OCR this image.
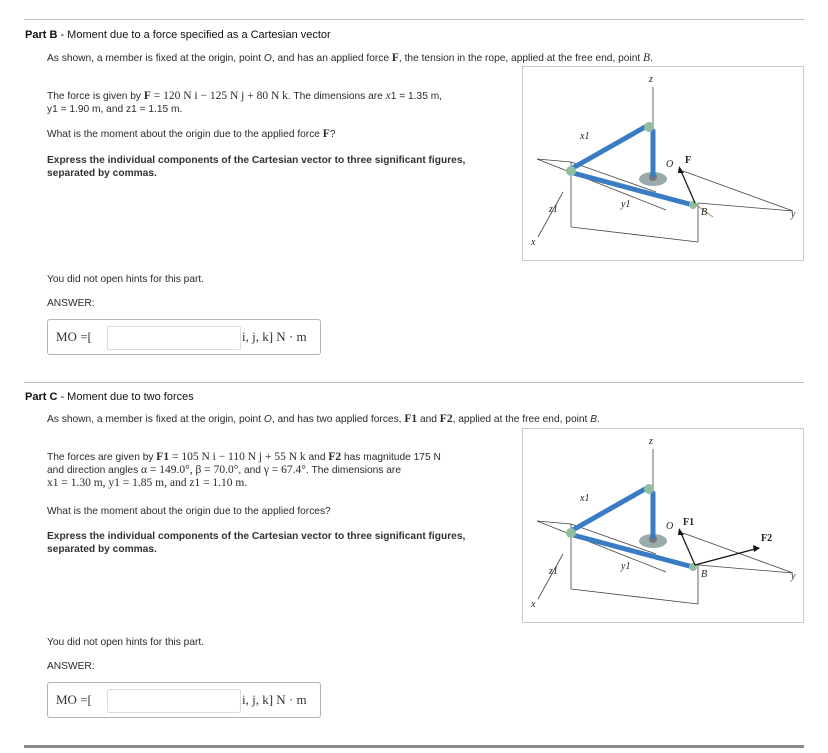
Part B - Moment due to a force specified as a Cartesian vector
As shown, a member is fixed at the origin, point O, and has an applied force F, the tension in the rope, applied at the free end, point B.
The force is given by F = 120 N i − 125 N j + 80 N k. The dimensions are x1 = 1.35 m,
y1 = 1.90 m, and z1 = 1.15 m.
What is the moment about the origin due to the applied force F?
Express the individual components of the Cartesian vector to three significant figures, separated by commas.
z
x1
O F
z1	y1
B	y
x
You did not open hints for this part.
ANSWER:
MO =[	i, j, k] N · m
Part C - Moment due to two forces
As shown, a member is fixed at the origin, point O, and has two applied forces, F1 and F2, applied at the free end, point B.
The forces are given by F1 = 105 N i − 110 N j + 55 N k and F2 has magnitude 175 N
and direction angles α = 149.0°, β = 70.0°, and γ = 67.4°. The dimensions are
x1 = 1.30 m, y1 = 1.85 m, and z1 = 1.10 m.
What is the moment about the origin due to the applied forces?
Express the individual components of the Cartesian vector to three significant figures, separated by commas.
z
x1
O F1
F2
z1	y1
B	y
x
You did not open hints for this part.
ANSWER:
MO =[	i, j, k] N · m
